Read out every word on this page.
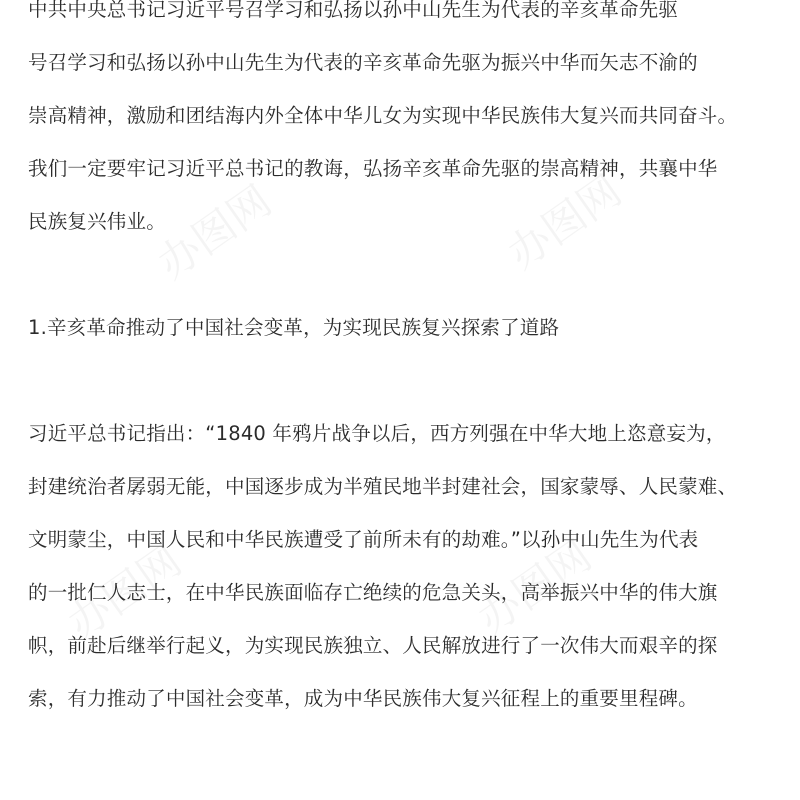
中共中央总书记习近平号召学习和弘扬以孙中山先生为代表的辛亥革命先驱
号召学习和弘扬以孙中山先生为代表的辛亥革命先驱为振兴中华而矢志不渝的
崇高精神，激励和团结海内外全体中华儿女为实现中华民族伟大复兴而共同奋斗。
我们一定要牢记习近平总书记的教诲，弘扬辛亥革命先驱的崇高精神，共襄中华
民族复兴伟业。
1.辛亥革命推动了中国社会变革，为实现民族复兴探索了道路
习近平总书记指出：“1840 年鸦片战争以后，西方列强在中华大地上恣意妄为，
封建统治者孱弱无能，中国逐步成为半殖民地半封建社会，国家蒙辱、人民蒙难、
文明蒙尘，中国人民和中华民族遭受了前所未有的劫难。”以孙中山先生为代表
的一批仁人志士，在中华民族面临存亡绝续的危急关头，高举振兴中华的伟大旗
帜，前赴后继举行起义，为实现民族独立、人民解放进行了一次伟大而艰辛的探
索，有力推动了中国社会变革，成为中华民族伟大复兴征程上的重要里程碑。
办图网	办图网
办图网	办图网
